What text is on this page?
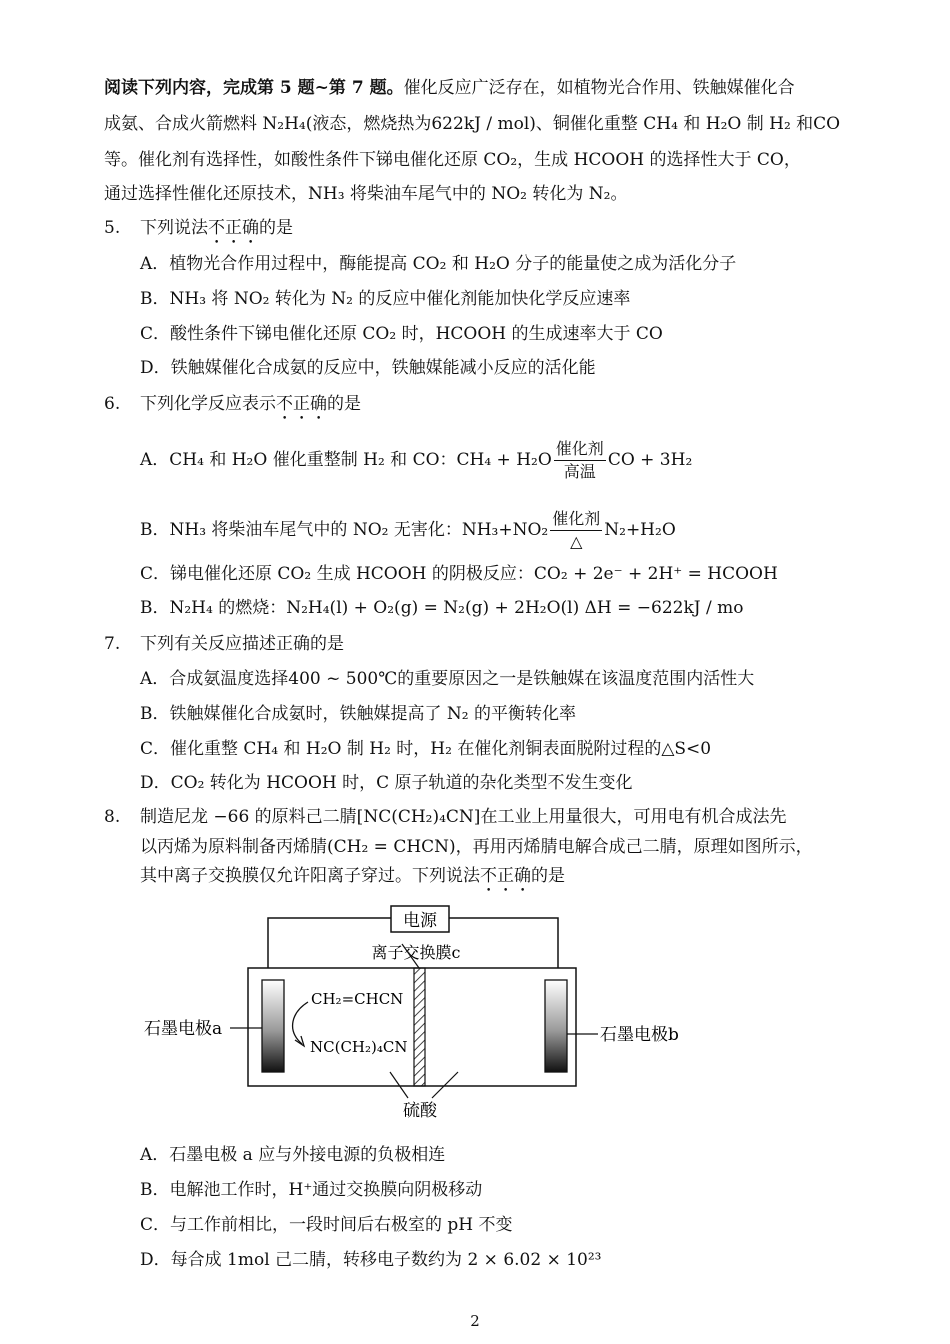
阅读下列内容，完成第 5 题~第 7 题。催化反应广泛存在，如植物光合作用、铁触媒催化合
成氨、合成火箭燃料 N₂H₄(液态，燃烧热为622kJ / mol)、铜催化重整 CH₄ 和 H₂O 制 H₂ 和CO
等。催化剂有选择性，如酸性条件下锑电催化还原 CO₂，生成 HCOOH 的选择性大于 CO，
通过选择性催化还原技术，NH₃ 将柴油车尾气中的 NO₂ 转化为 N₂。
5. 下列说法不正确的是
A．植物光合作用过程中，酶能提高 CO₂ 和 H₂O 分子的能量使之成为活化分子
B．NH₃ 将 NO₂ 转化为 N₂ 的反应中催化剂能加快化学反应速率
C．酸性条件下锑电催化还原 CO₂ 时，HCOOH 的生成速率大于 CO
D．铁触媒催化合成氨的反应中，铁触媒能减小反应的活化能
6. 下列化学反应表示不正确的是
A．CH₄ 和 H₂O 催化重整制 H₂ 和 CO：$CH_4 + H_2O \frac{\text{催化剂}}{\text{高温}}$ CO + 3H₂
B．NH₃ 将柴油车尾气中的 NO₂ 无害化：$NH_3+NO_2 \frac{\text{催化剂}}{\triangle} N_2+H_2O$
C．锑电催化还原 CO₂ 生成 HCOOH 的阴极反应：CO₂ + 2e⁻ + 2H⁺ = HCOOH
B．N₂H₄ 的燃烧：N₂H₄(l) + O₂(g) = N₂(g) + 2H₂O(l) ΔH = −622kJ / mo
7. 下列有关反应描述正确的是
A．合成氨温度选择400 ~ 500℃的重要原因之一是铁触媒在该温度范围内活性大
B．铁触媒催化合成氨时，铁触媒提高了 N₂ 的平衡转化率
C．催化重整 CH₄ 和 H₂O 制 H₂ 时，H₂ 在催化剂铜表面脱附过程的△S<0
D．CO₂ 转化为 HCOOH 时，C 原子轨道的杂化类型不发生变化
8. 制造尼龙 −66 的原料己二腈[NC(CH₂)₄CN]在工业上用量很大，可用电有机合成法先
以丙烯为原料制备丙烯腈(CH₂ = CHCN)，再用丙烯腈电解合成己二腈，原理如图所示，
其中离子交换膜仅允许阳离子穿过。下列说法不正确的是
电源
离子交换膜c
石墨电极a	石墨电极b
CH₂=CHCN
NC(CH₂)₄CN
硫酸
A．石墨电极 a 应与外接电源的负极相连
B．电解池工作时，H⁺通过交换膜向阴极移动
C．与工作前相比，一段时间后右极室的 pH 不变
D．每合成 1mol 己二腈，转移电子数约为 2 × 6.02 × 10²³
2
